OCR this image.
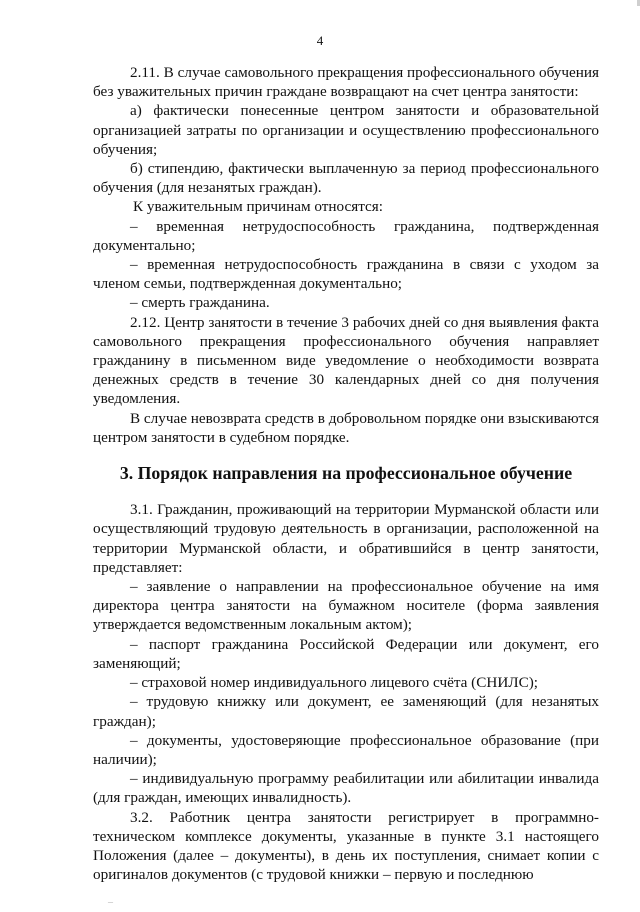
4

2.11. В случае самовольного прекращения профессионального обучения без уважительных причин граждане возвращают на счет центра занятости:

а) фактически понесенные центром занятости и образовательной организацией затраты по организации и осуществлению профессионального обучения;

б) стипендию, фактически выплаченную за период профессионального обучения (для незанятых граждан).

К уважительным причинам относятся:

– временная нетрудоспособность гражданина, подтвержденная документально;

– временная нетрудоспособность гражданина в связи с уходом за членом семьи, подтвержденная документально;

– смерть гражданина.

2.12. Центр занятости в течение 3 рабочих дней со дня выявления факта самовольного прекращения профессионального обучения направляет гражданину в письменном виде уведомление о необходимости возврата денежных средств в течение 30 календарных дней со дня получения уведомления.

В случае невозврата средств в добровольном порядке они взыскиваются центром занятости в судебном порядке.

3. Порядок направления на профессиональное обучение

3.1. Гражданин, проживающий на территории Мурманской области или осуществляющий трудовую деятельность в организации, расположенной на территории Мурманской области, и обратившийся в центр занятости, представляет:

– заявление о направлении на профессиональное обучение на имя директора центра занятости на бумажном носителе (форма заявления утверждается ведомственным локальным актом);

– паспорт гражданина Российской Федерации или документ, его заменяющий;

– страховой номер индивидуального лицевого счёта (СНИЛС);

– трудовую книжку или документ, ее заменяющий (для незанятых граждан);

– документы, удостоверяющие профессиональное образование (при наличии);

– индивидуальную программу реабилитации или абилитации инвалида (для граждан, имеющих инвалидность).

3.2. Работник центра занятости регистрирует в программно-техническом комплексе документы, указанные в пункте 3.1 настоящего Положения (далее – документы), в день их поступления, снимает копии с оригиналов документов (с трудовой книжки – первую и последнюю

–
